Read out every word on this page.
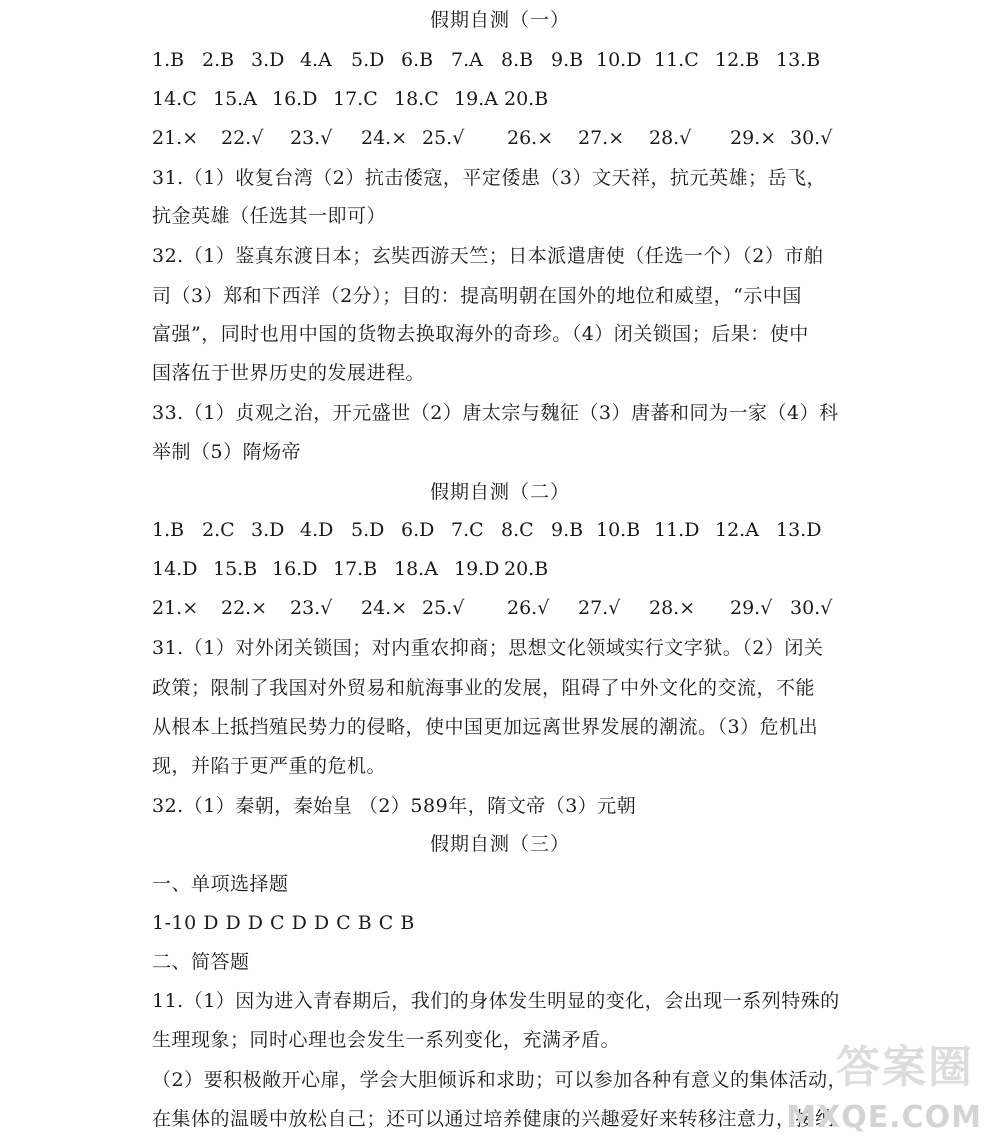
假期自测（一）
1.B 2.B 3.D 4.A 5.D 6.B 7.A 8.B 9.B 10.D 11.C 12.B 13.B
14.C 15.A 16.D 17.C 18.C 19.A 20.B
21.× 22.√ 23.√ 24.× 25.√ 26.× 27.× 28.√ 29.× 30.√
31.（1）收复台湾（2）抗击倭寇，平定倭患（3）文天祥，抗元英雄；岳飞，
抗金英雄（任选其一即可）
32.（1）鉴真东渡日本；玄奘西游天竺；日本派遣唐使（任选一个）（2）市舶
司（3）郑和下西洋（2分）；目的：提高明朝在国外的地位和威望，“示中国
富强”，同时也用中国的货物去换取海外的奇珍。（4）闭关锁国；后果：使中
国落伍于世界历史的发展进程。
33.（1）贞观之治，开元盛世（2）唐太宗与魏征（3）唐蕃和同为一家（4）科
举制（5）隋炀帝
假期自测（二）
1.B 2.C 3.D 4.D 5.D 6.D 7.C 8.C 9.B 10.B 11.D 12.A 13.D
14.D 15.B 16.D 17.B 18.A 19.D 20.B
21.× 22.× 23.√ 24.× 25.√ 26.√ 27.√ 28.× 29.√ 30.√
31.（1）对外闭关锁国；对内重农抑商；思想文化领域实行文字狱。（2）闭关
政策；限制了我国对外贸易和航海事业的发展，阻碍了中外文化的交流，不能
从根本上抵挡殖民势力的侵略，使中国更加远离世界发展的潮流。（3）危机出
现，并陷于更严重的危机。
32.（1）秦朝，秦始皇 （2）589年，隋文帝（3）元朝
假期自测（三）
一、单项选择题
1-10 D D D C D D C B C B
二、简答题
11.（1）因为进入青春期后，我们的身体发生明显的变化，会出现一系列特殊的
生理现象；同时心理也会发生一系列变化，充满矛盾。
（2）要积极敞开心扉，学会大胆倾诉和求助；可以参加各种有意义的集体活动，
在集体的温暖中放松自己；还可以通过培养健康的兴趣爱好来转移注意力，接纳
答案圈
MXQE.COM
